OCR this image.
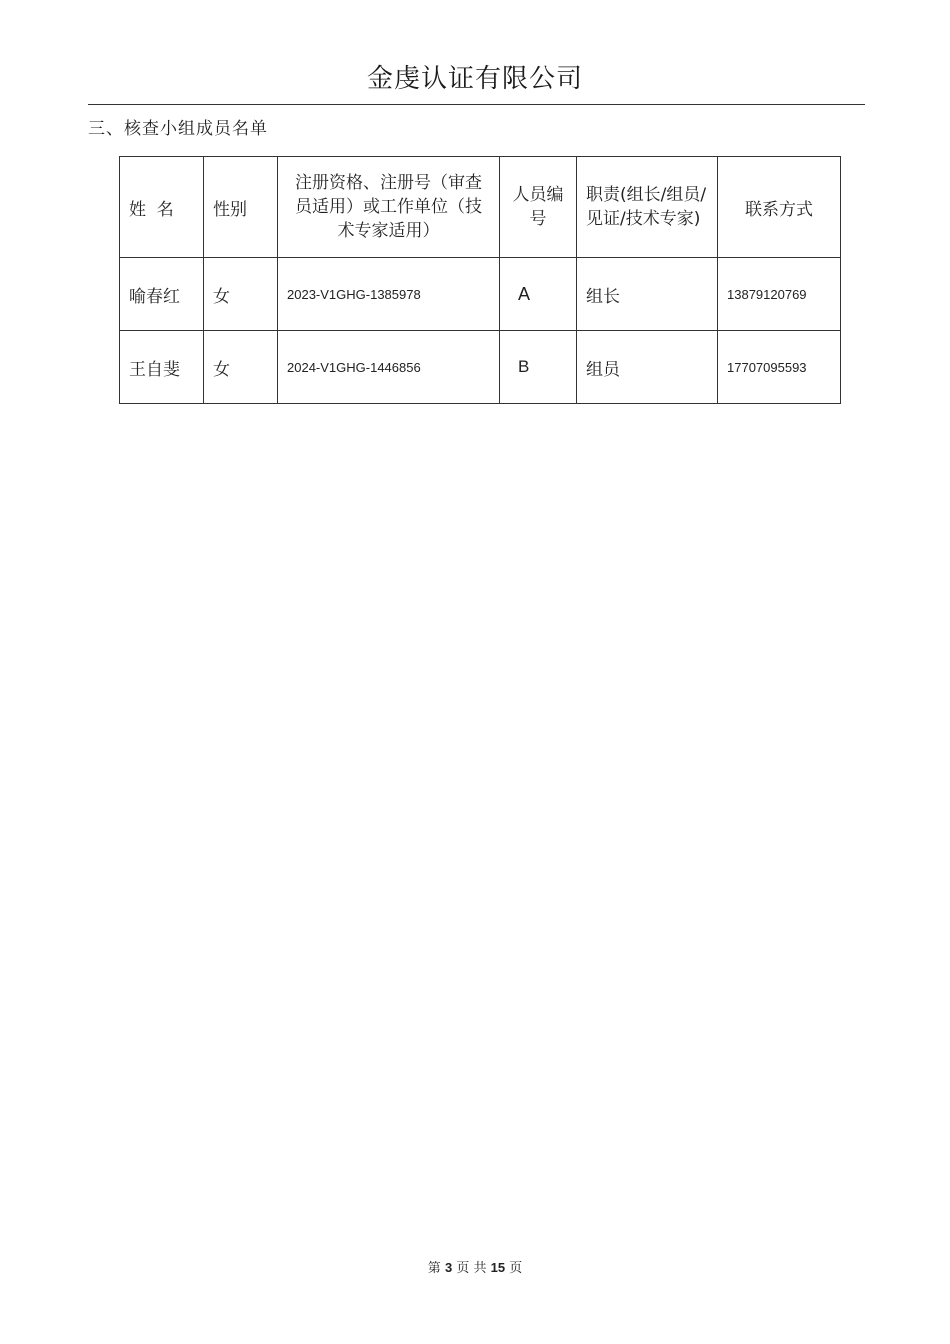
金虔认证有限公司
三、核查小组成员名单
姓  名	性别	注册资格、注册号（审查员适用）或工作单位（技术专家适用）	人员编号	职责(组长/组员/见证/技术专家)	联系方式
喻春红	女	2023-V1GHG-1385978	A	组长	13879120769
王自斐	女	2024-V1GHG-1446856	B	组员	17707095593
第 3 页 共 15 页
